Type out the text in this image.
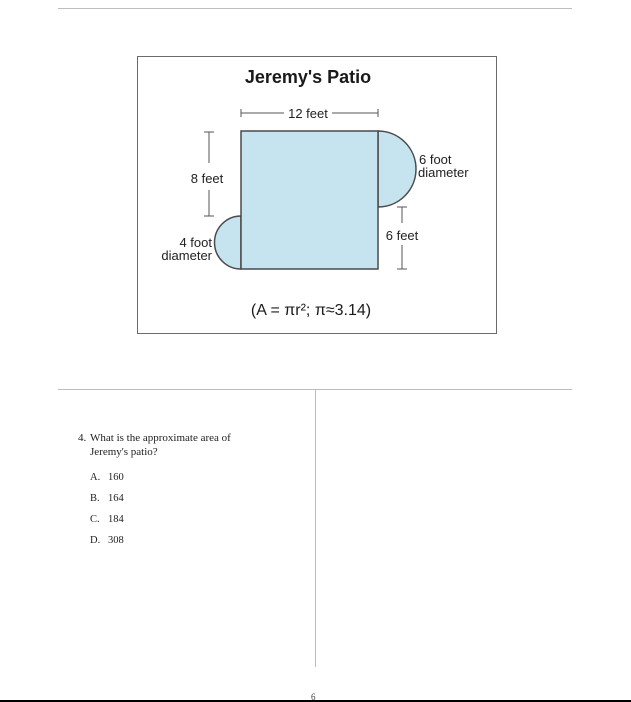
Jeremy's Patio
12 feet
8 feet
6 feet
6 foot
diameter
4 foot
diameter
(A = πr²; π≈3.14)
4. What is the approximate area of Jeremy's patio?
A. 160
B. 164
C. 184
D. 308
6
